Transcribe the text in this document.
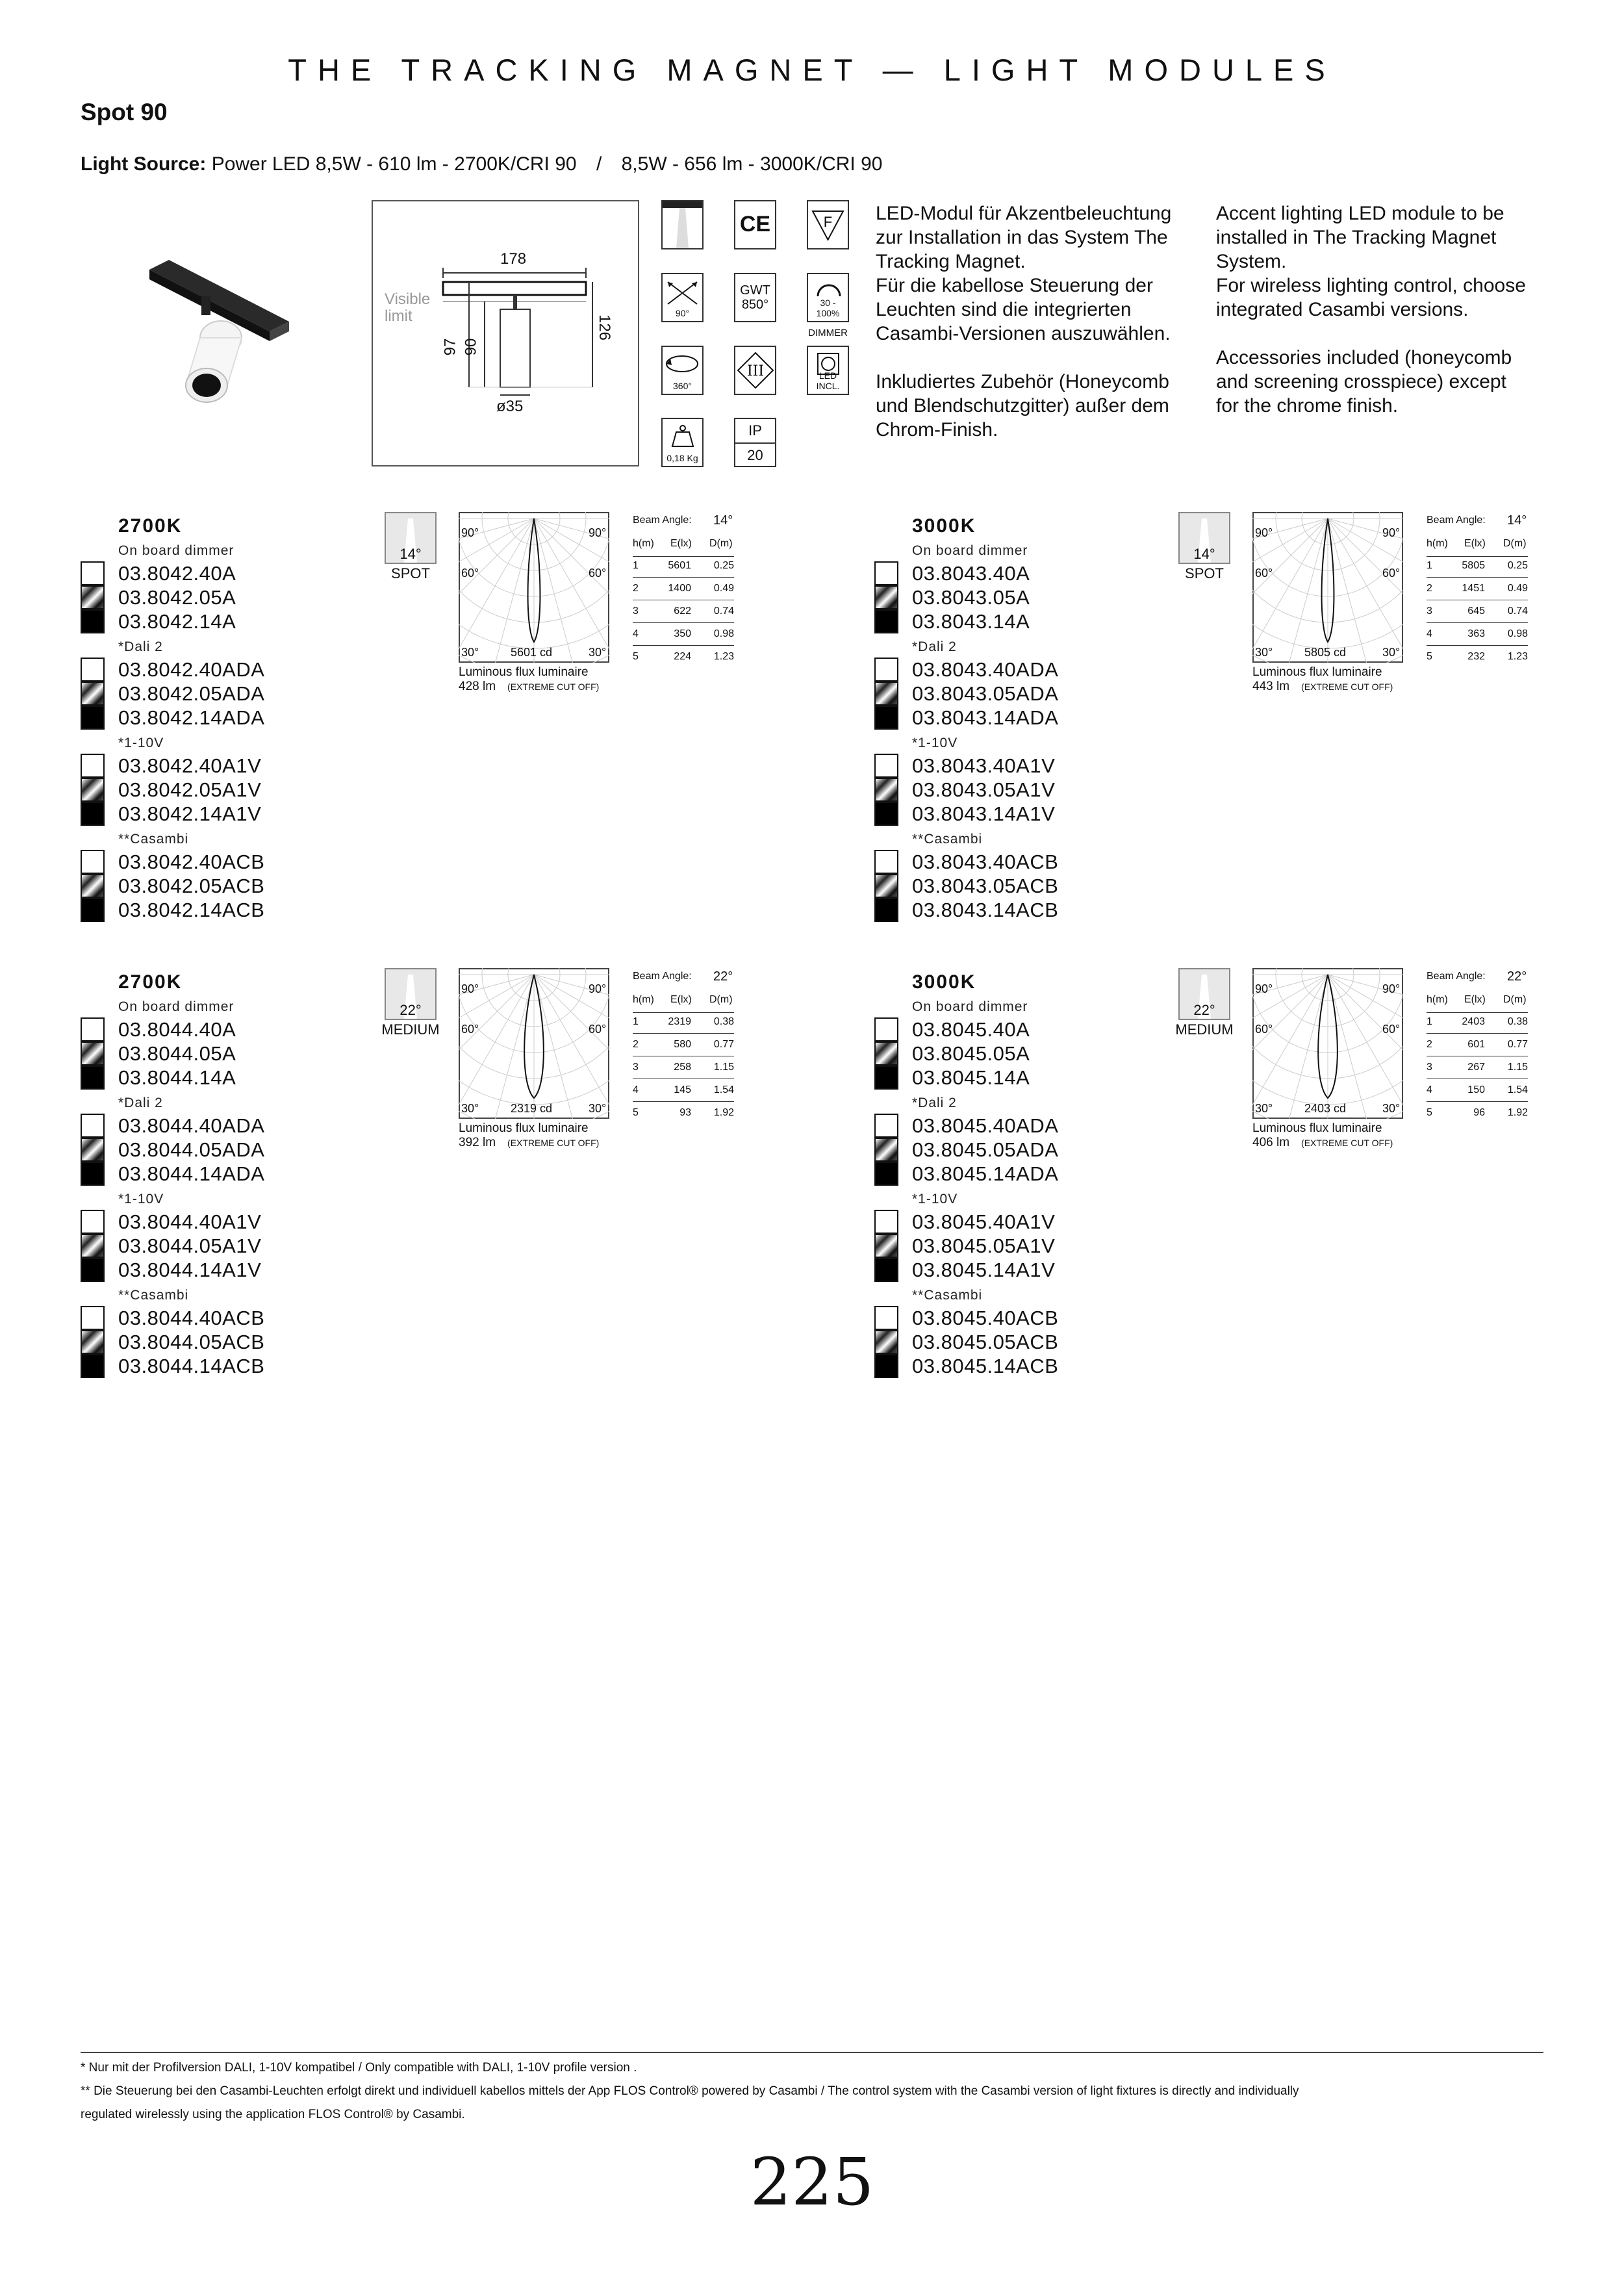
THE TRACKING MAGNET — LIGHT MODULES
Spot 90
Light Source: Power LED 8,5W - 610 lm - 2700K/CRI 90 / 8,5W - 656 lm - 3000K/CRI 90
178
Visible limit
97 90
126
ø35
CE	F
90°
GWT
850°	30 - 100%
DIMMER
360°
III	LED INCL.
0,18 Kg
IP
20

LED-Modul für Akzentbeleuchtung

zur Installation in das System The

Tracking Magnet.

Für die kabellose Steuerung der

Leuchten sind die integrierten

Casambi-Versionen auszuwählen.

Inkludiertes Zubehör (Honeycomb

und Blendschutzgitter) außer dem

Chrom-Finish.

Accent lighting LED module to be

installed in The Tracking Magnet

System.

For wireless lighting control, choose

integrated Casambi versions.

Accessories included (honeycomb

and screening crosspiece) except

for the chrome finish.

2700K
On board dimmer
03.8042.40A
03.8042.05A
03.8042.14A
*Dali 2
03.8042.40ADA
03.8042.05ADA
03.8042.14ADA
*1-10V
03.8042.40A1V
03.8042.05A1V
03.8042.14A1V
**Casambi
03.8042.40ACB
03.8042.05ACB
03.8042.14ACB
14°
SPOT
90°	90°
60°	60°
30°	30°
5601 cd
Luminous flux luminaire
428 lm (EXTREME CUT OFF)
Beam Angle: 14°
h(m) E(lx) D(m)
1	5601	0.25
2	1400	0.49
3	622	0.74
4	350	0.98
5	224	1.23
3000K
On board dimmer
03.8043.40A
03.8043.05A
03.8043.14A
*Dali 2
03.8043.40ADA
03.8043.05ADA
03.8043.14ADA
*1-10V
03.8043.40A1V
03.8043.05A1V
03.8043.14A1V
**Casambi
03.8043.40ACB
03.8043.05ACB
03.8043.14ACB
14°
SPOT
90°	90°
60°	60°
30°	30°
5805 cd
Luminous flux luminaire
443 lm (EXTREME CUT OFF)
Beam Angle: 14°
h(m) E(lx) D(m)
1	5805	0.25
2	1451	0.49
3	645	0.74
4	363	0.98
5	232	1.23
2700K
On board dimmer
03.8044.40A
03.8044.05A
03.8044.14A
*Dali 2
03.8044.40ADA
03.8044.05ADA
03.8044.14ADA
*1-10V
03.8044.40A1V
03.8044.05A1V
03.8044.14A1V
**Casambi
03.8044.40ACB
03.8044.05ACB
03.8044.14ACB
22°
MEDIUM
90°	90°
60°	60°
30°	30°
2319 cd
Luminous flux luminaire
392 lm (EXTREME CUT OFF)
Beam Angle: 22°
h(m) E(lx) D(m)
1	2319	0.38
2	580	0.77
3	258	1.15
4	145	1.54
5	93	1.92
3000K
On board dimmer
03.8045.40A
03.8045.05A
03.8045.14A
*Dali 2
03.8045.40ADA
03.8045.05ADA
03.8045.14ADA
*1-10V
03.8045.40A1V
03.8045.05A1V
03.8045.14A1V
**Casambi
03.8045.40ACB
03.8045.05ACB
03.8045.14ACB
22°
MEDIUM
90°	90°
60°	60°
30°	30°
2403 cd
Luminous flux luminaire
406 lm (EXTREME CUT OFF)
Beam Angle: 22°
h(m) E(lx) D(m)
1	2403	0.38
2	601	0.77
3	267	1.15
4	150	1.54
5	96	1.92
* Nur mit der Profilversion DALI, 1-10V kompatibel / Only compatible with DALI, 1-10V profile version .
** Die Steuerung bei den Casambi-Leuchten erfolgt direkt und individuell kabellos mittels der App FLOS Control® powered by Casambi / The control system with the Casambi version of light fixtures is directly and individually
regulated wirelessly using the application FLOS Control® by Casambi.
225
